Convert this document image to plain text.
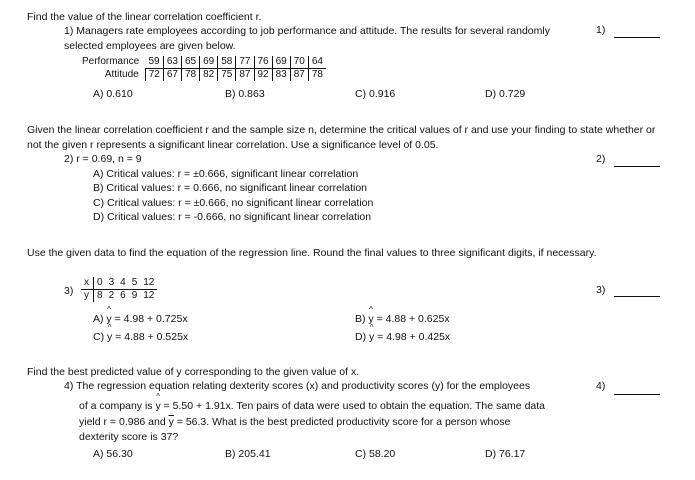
Find the value of the linear correlation coefficient r.
1) Managers rate employees according to job performance and attitude. The results for several randomly selected employees are given below.
1)
Performance	59	63	65	69	58	77	76	69	70	64
Attitude	72	67	78	82	75	87	92	83	87	78
A) 0.610	B) 0.863	C) 0.916	D) 0.729
Given the linear correlation coefficient r and the sample size n, determine the critical values of r and use your finding to state whether or not the given r represents a significant linear correlation. Use a significance level of 0.05.
2) r = 0.69, n = 9	2)
A) Critical values: r = ±0.666, significant linear correlation
B) Critical values: r = 0.666, no significant linear correlation
C) Critical values: r = ±0.666, no significant linear correlation
D) Critical values: r = -0.666, no significant linear correlation
Use the given data to find the equation of the regression line. Round the final values to three significant digits, if necessary.
3)	3)
x	0	3	4	5	12
y	8	2	6	9	12
A) ^ y = 4.98 + 0.725x	B) ^ y = 4.88 + 0.625x
C) ^ y = 4.88 + 0.525x	D) ^ y = 4.98 + 0.425x
Find the best predicted value of y corresponding to the given value of x.
4) The regression equation relating dexterity scores (x) and productivity scores (y) for the employees	4)
of a company is ^ y = 5.50 + 1.91x. Ten pairs of data were used to obtain the equation. The same data
yield r = 0.986 and $\overline{y} = 56.3$. What is the best predicted productivity score for a person whose
dexterity score is 37?
A) 56.30	B) 205.41	C) 58.20	D) 76.17
